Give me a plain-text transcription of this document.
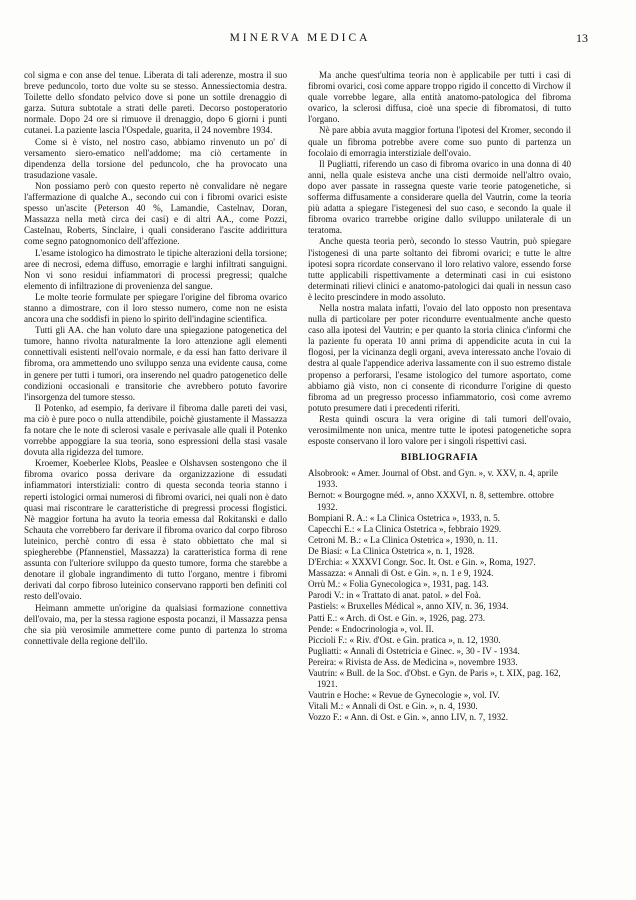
MINERVA MEDICA	13

col sigma e con anse del tenue. Liberata di tali aderenze, mostra il suo breve peduncolo, torto due volte su se stesso. Annessiectomia destra. Toilette dello sfondato pelvico dove si pone un sottile drenaggio di garza. Sutura subtotale a strati delle pareti. Decorso postoperatorio normale. Dopo 24 ore si rimuove il drenaggio, dopo 6 giorni i punti cutanei. La paziente lascia l'Ospedale, guarita, il 24 novembre 1934.

Come si è visto, nel nostro caso, abbiamo rinvenuto un po' di versamento siero-ematico nell'addome; ma ciò certamente in dipendenza della torsione del peduncolo, che ha provocato una trasudazione vasale.

Non possiamo però con questo reperto nè convalidare nè negare l'affermazione di qualche A., secondo cui con i fibromi ovarici esiste spesso un'ascite (Peterson 40 %, Lamandie, Castelnav, Doran, Massazza nella metà circa dei casi) e di altri AA., come Pozzi, Castelnau, Roberts, Sinclaire, i quali considerano l'ascite addirittura come segno patognomonico dell'affezione.

L'esame istologico ha dimostrato le tipiche alterazioni della torsione; aree di necrosi, edema diffuso, emorragie e larghi infiltrati sanguigni. Non vi sono residui infiammatori di processi pregressi; qualche elemento di infiltrazione di provenienza del sangue.

Le molte teorie formulate per spiegare l'origine del fibroma ovarico stanno a dimostrare, con il loro stesso numero, come non ne esista ancora una che soddisfi in pieno lo spirito dell'indagine scientifica.

Tutti gli AA. che han voluto dare una spiegazione patogenetica del tumore, hanno rivolta naturalmente la loro attenzione agli elementi connettivali esistenti nell'ovaio normale, e da essi han fatto derivare il fibroma, ora ammettendo uno sviluppo senza una evidente causa, come in genere per tutti i tumori, ora inserendo nel quadro patogenetico delle condizioni occasionali e transitorie che avrebbero potuto favorire l'insorgenza del tumore stesso.

Il Potenko, ad esempio, fa derivare il fibroma dalle pareti dei vasi, ma ciò è pure poco o nulla attendibile, poichè giustamente il Massazza fa notare che le note di sclerosi vasale e perivasale alle quali il Potenko vorrebbe appoggiare la sua teoria, sono espressioni della stasi vasale dovuta alla rigidezza del tumore.

Kroemer, Koeberlee Klobs, Peaslee e Olshavsen sostengono che il fibroma ovarico possa derivare da organizzazione di essudati infiammatori interstiziali: contro di questa seconda teoria stanno i reperti istologici ormai numerosi di fibromi ovarici, nei quali non è dato quasi mai riscontrare le caratteristiche di pregressi processi flogistici. Nè maggior fortuna ha avuto la teoria emessa dal Rokitanski e dallo Schauta che vorrebbero far derivare il fibroma ovarico dal corpo fibroso luteinico, perchè contro di essa è stato obbiettato che mal si spiegherebbe (Pfannenstiel, Massazza) la caratteristica forma di rene assunta con l'ulteriore sviluppo da questo tumore, forma che starebbe a denotare il globale ingrandimento di tutto l'organo, mentre i fibromi derivati dal corpo fibroso luteinico conservano rapporti ben definiti col resto dell'ovaio.

Heimann ammette un'origine da qualsiasi formazione connettiva dell'ovaio, ma, per la stessa ragione esposta pocanzi, il Massazza pensa che sia più verosimile ammettere come punto di partenza lo stroma connettivale della regione dell'ilo.

Ma anche quest'ultima teoria non è applicabile per tutti i casi di fibromi ovarici, così come appare troppo rigido il concetto di Virchow il quale vorrebbe legare, alla entità anatomo-patologica del fibroma ovarico, la sclerosi diffusa, cioè una specie di fibromatosi, di tutto l'organo.

Nè pare abbia avuta maggior fortuna l'ipotesi del Kromer, secondo il quale un fibroma potrebbe avere come suo punto di partenza un focolaio di emorragia interstiziale dell'ovaio.

Il Pugliatti, riferendo un caso di fibroma ovarico in una donna di 40 anni, nella quale esisteva anche una cisti dermoide nell'altro ovaio, dopo aver passate in rassegna queste varie teorie patogenetiche, si sofferma diffusamente a considerare quella del Vautrin, come la teoria più adatta a spiegare l'istegenesi del suo caso, e secondo la quale il fibroma ovarico trarrebbe origine dallo sviluppo unilaterale di un teratoma.

Anche questa teoria però, secondo lo stesso Vautrin, può spiegare l'istogenesi di una parte soltanto dei fibromi ovarici; e tutte le altre ipotesi sopra ricordate conservano il loro relativo valore, essendo forse tutte applicabili rispettivamente a determinati casi in cui esistono determinati rilievi clinici e anatomo-patologici dai quali in nessun caso è lecito prescindere in modo assoluto.

Nella nostra malata infatti, l'ovaio del lato opposto non presentava nulla di particolare per poter ricondurre eventualmente anche questo caso alla ipotesi del Vautrin; e per quanto la storia clinica c'informi che la paziente fu operata 10 anni prima di appendicite acuta in cui la flogosi, per la vicinanza degli organi, aveva interessato anche l'ovaio di destra al quale l'appendice aderiva lassamente con il suo estremo distale propenso a perforarsi, l'esame istologico del tumore asportato, come abbiamo già visto, non ci consente di ricondurre l'origine di questo fibroma ad un pregresso processo infiammatorio, così come avremo potuto presumere dati i precedenti riferiti.

Resta quindi oscura la vera origine di tali tumori dell'ovaio, verosimilmente non unica, mentre tutte le ipotesi patogenetiche sopra esposte conservano il loro valore per i singoli rispettivi casi.

BIBLIOGRAFIA
Alsobrook: « Amer. Journal of Obst. and Gyn. », v. XXV, n. 4, aprile 1933.
Bernot: « Bourgogne méd. », anno XXXVI, n. 8, settembre. ottobre 1932.
Bompiani R. A.: « La Clinica Ostetrica », 1933, n. 5.
Capecchi E.: « La Clinica Ostetrica », febbraio 1929.
Cetroni M. B.: « La Clinica Ostetrica », 1930, n. 11.
De Biasi: « La Clinica Ostetrica », n. 1, 1928.
D'Erchia: « XXXVI Congr. Soc. It. Ost. e Gin. », Roma, 1927.
Massazza: « Annali di Ost. e Gin. », n. 1 e 9, 1924.
Orrù M.: « Folia Gynecologica », 1931, pag. 143.
Parodi V.: in « Trattato di anat. patol. » del Foà.
Pastiels: « Bruxelles Médical », anno XIV, n. 36, 1934.
Patti E.: « Arch. di Ost. e Gin. », 1926, pag. 273.
Pende: « Endocrinologia », vol. II.
Piccioli F.: « Riv. d'Ost. e Gin. pratica », n. 12, 1930.
Pugliatti: « Annali di Ostetricia e Ginec. », 30 - IV - 1934.
Pereira: « Rivista de Ass. de Medicina », novembre 1933.
Vautrin: « Bull. de la Soc. d'Obst. e Gyn. de Paris », t. XIX, pag. 162, 1921.
Vautrin e Hoche: « Revue de Gynecologie », vol. IV.
Vitali M.: « Annali di Ost. e Gin. », n. 4, 1930.
Vozzo F.: « Ann. di Ost. e Gin. », anno LIV, n. 7, 1932.
